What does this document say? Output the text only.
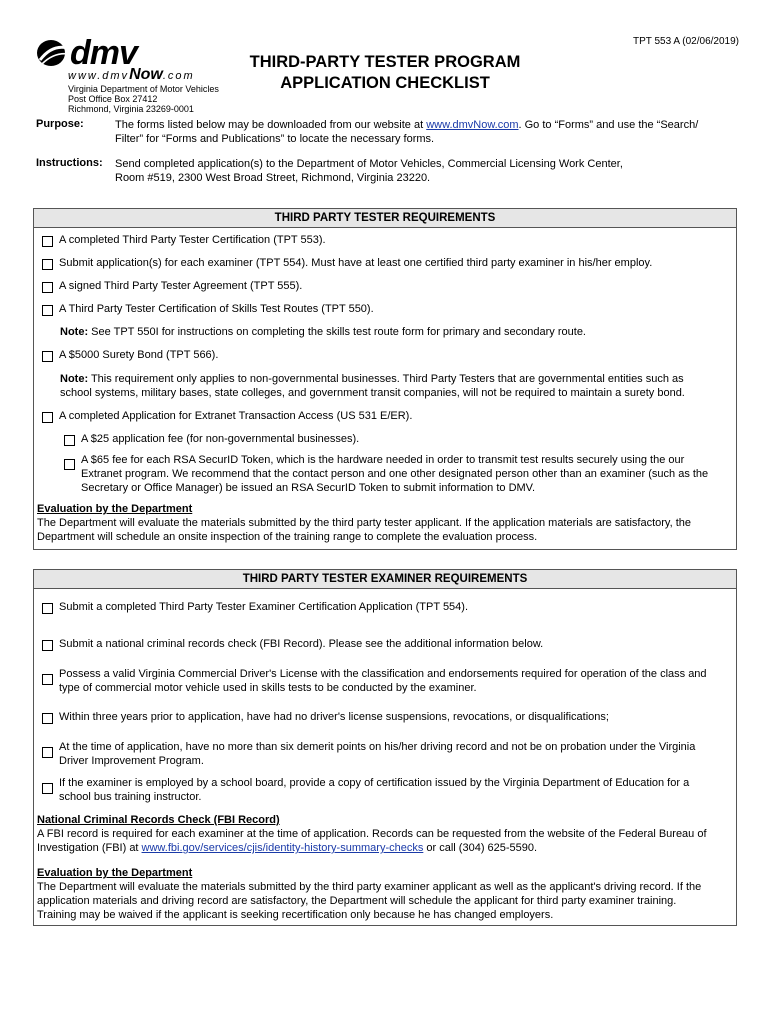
TPT 553 A (02/06/2019)
dmv
www.dmvNow.com
Virginia Department of Motor Vehicles
Post Office Box 27412
Richmond, Virginia 23269-0001
THIRD-PARTY TESTER PROGRAM
APPLICATION CHECKLIST
Purpose:	The forms listed below may be downloaded from our website at www.dmvNow.com. Go to “Forms” and use the “Search/
Filter” for “Forms and Publications” to locate the necessary forms.
Instructions: Send completed application(s) to the Department of Motor Vehicles, Commercial Licensing Work Center,
Room #519, 2300 West Broad Street, Richmond, Virginia 23220.
THIRD PARTY TESTER REQUIREMENTS
A completed Third Party Tester Certification (TPT 553).
Submit application(s) for each examiner (TPT 554). Must have at least one certified third party examiner in his/her employ.
A signed Third Party Tester Agreement (TPT 555).
A Third Party Tester Certification of Skills Test Routes (TPT 550).
Note: See TPT 550I for instructions on completing the skills test route form for primary and secondary route.
A $5000 Surety Bond (TPT 566).
Note: This requirement only applies to non-governmental businesses. Third Party Testers that are governmental entities such as
school systems, military bases, state colleges, and government transit companies, will not be required to maintain a surety bond.
A completed Application for Extranet Transaction Access (US 531 E/ER).
A $25 application fee (for non-governmental businesses).
A $65 fee for each RSA SecurID Token, which is the hardware needed in order to transmit test results securely using the our
Extranet program. We recommend that the contact person and one other designated person other than an examiner (such as the
Secretary or Office Manager) be issued an RSA SecurID Token to submit information to DMV.
Evaluation by the Department
The Department will evaluate the materials submitted by the third party tester applicant. If the application materials are satisfactory, the
Department will schedule an onsite inspection of the training range to complete the evaluation process.
THIRD PARTY TESTER EXAMINER REQUIREMENTS
Submit a completed Third Party Tester Examiner Certification Application (TPT 554).
Submit a national criminal records check (FBI Record). Please see the additional information below.
Possess a valid Virginia Commercial Driver's License with the classification and endorsements required for operation of the class and
type of commercial motor vehicle used in skills tests to be conducted by the examiner.
Within three years prior to application, have had no driver's license suspensions, revocations, or disqualifications;
At the time of application, have no more than six demerit points on his/her driving record and not be on probation under the Virginia
Driver Improvement Program.
If the examiner is employed by a school board, provide a copy of certification issued by the Virginia Department of Education for a
school bus training instructor.
National Criminal Records Check (FBI Record)
A FBI record is required for each examiner at the time of application. Records can be requested from the website of the Federal Bureau of
Investigation (FBI) at www.fbi.gov/services/cjis/identity-history-summary-checks or call (304) 625-5590.
Evaluation by the Department
The Department will evaluate the materials submitted by the third party examiner applicant as well as the applicant's driving record. If the
application materials and driving record are satisfactory, the Department will schedule the applicant for third party examiner training.
Training may be waived if the applicant is seeking recertification only because he has changed employers.
